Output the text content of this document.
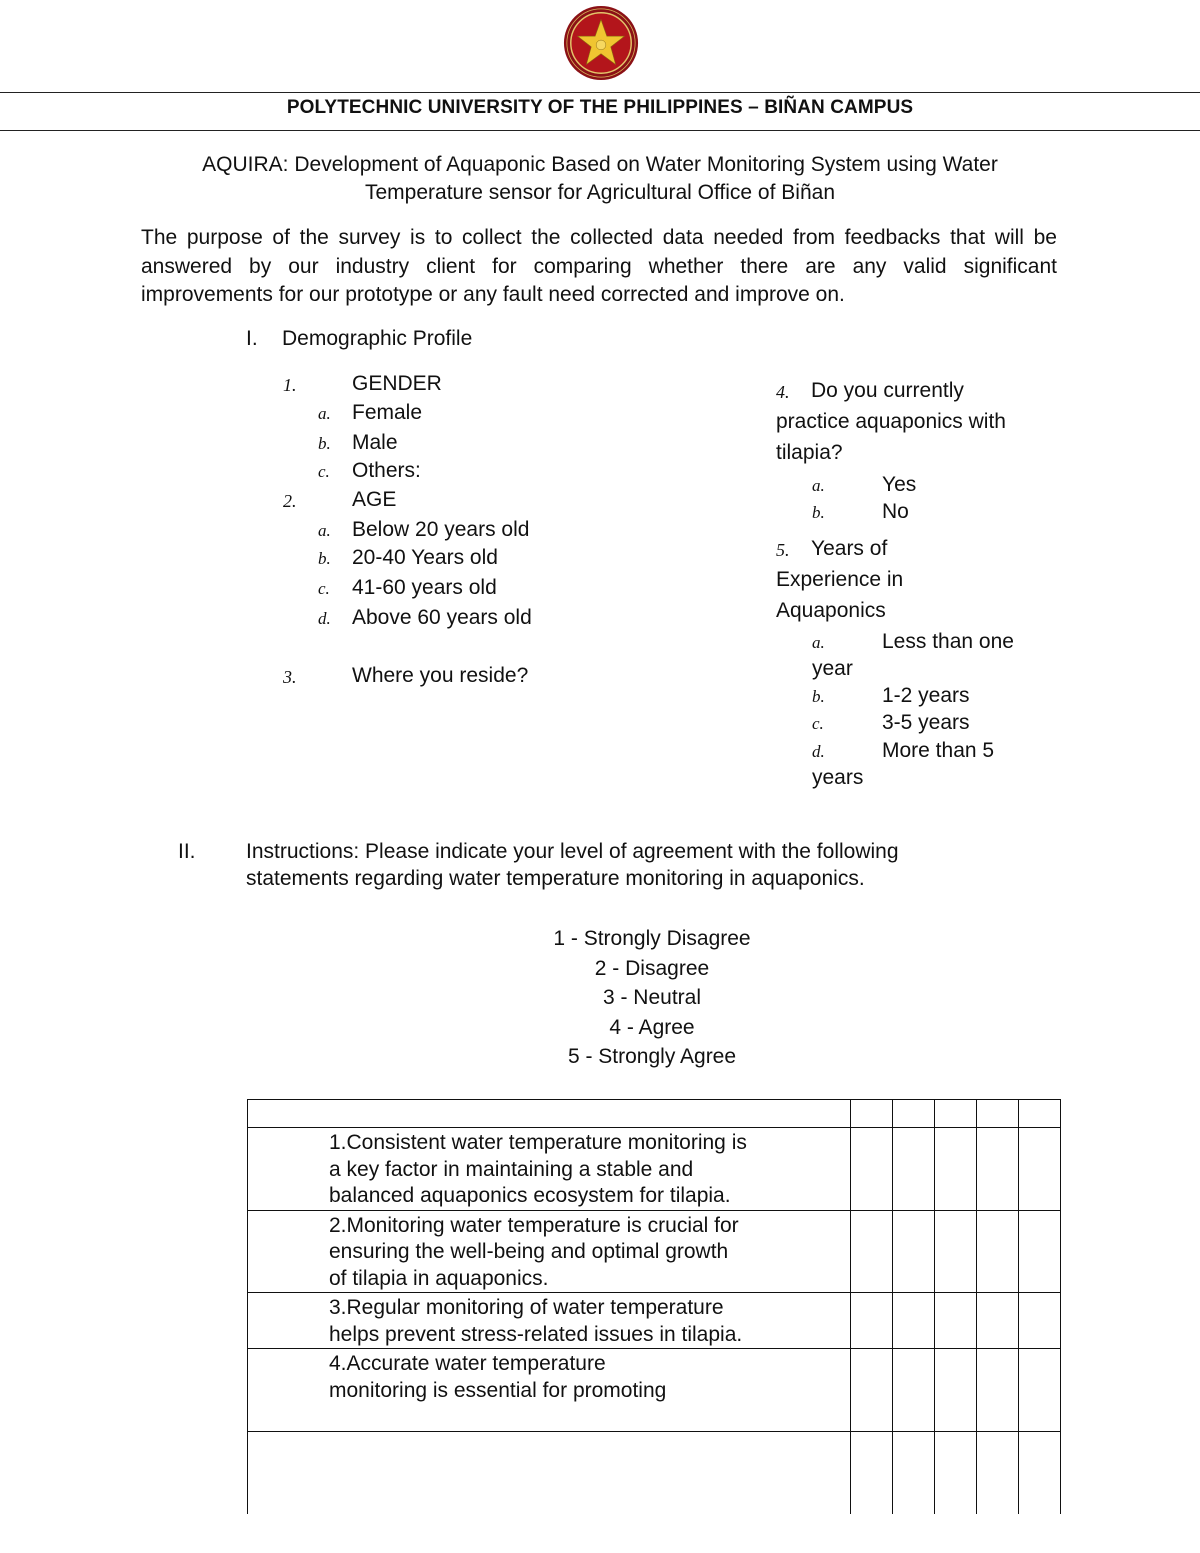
POLYTECHNIC UNIVERSITY OF THE PHILIPPINES – BIÑAN CAMPUS
AQUIRA: Development of Aquaponic Based on Water Monitoring System using Water
Temperature sensor for Agricultural Office of Biñan
The purpose of the survey is to collect the collected data needed from feedbacks that will be answered by our industry client for comparing whether there are any valid significant improvements for our prototype or any fault need corrected and improve on.
I. Demographic Profile
1.	GENDER
a. Female
b. Male
c. Others:
2.	AGE
a. Below 20 years old
b. 20-40 Years old
c. 41-60 years old
d. Above 60 years old
3.	Where you reside?
4. Do you currently
practice aquaponics with
tilapia?
a.	Yes
b.	No
5. Years of
Experience in
Aquaponics
a.	Less than one
year
b.	1-2 years
c.	3-5 years
d.	More than 5
years
II. Instructions: Please indicate your level of agreement with the following
statements regarding water temperature monitoring in aquaponics.
1 - Strongly Disagree
2 - Disagree
3 - Neutral
4 - Agree
5 - Strongly Agree

1.Consistent water temperature monitoring is
a key factor in maintaining a stable and
balanced aquaponics ecosystem for tilapia.					

2.Monitoring water temperature is crucial for
ensuring the well-being and optimal growth
of tilapia in aquaponics.					

3.Regular monitoring of water temperature
helps prevent stress-related issues in tilapia.					

4.Accurate water temperature
monitoring is essential for promoting					
